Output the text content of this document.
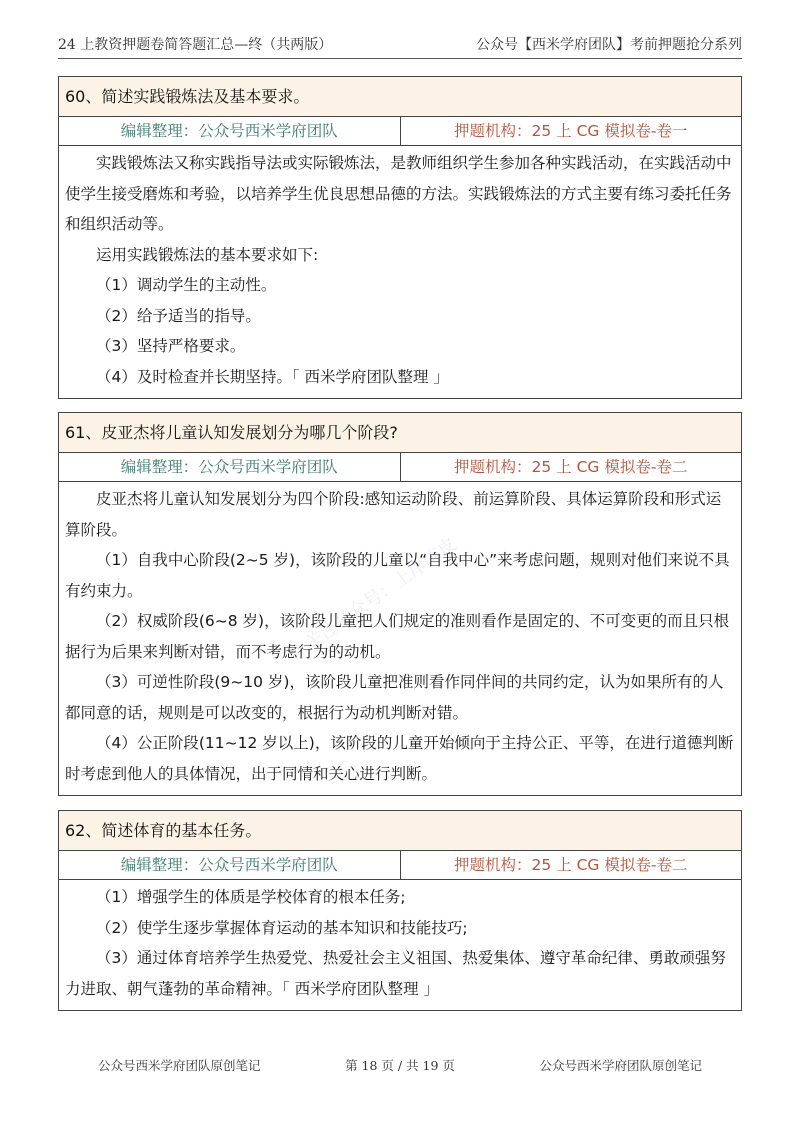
24 上教资押题卷简答题汇总—终（共两版）	公众号【西米学府团队】考前押题抢分系列
60、简述实践锻炼法及基本要求。
编辑整理：公众号西米学府团队	押题机构：25 上 CG 模拟卷-卷一

实践锻炼法又称实践指导法或实际锻炼法，是教师组织学生参加各种实践活动，在实践活动中使学生接受磨炼和考验，以培养学生优良思想品德的方法。实践锻炼法的方式主要有练习委托任务和组织活动等。

运用实践锻炼法的基本要求如下:

（1）调动学生的主动性。

（2）给予适当的指导。

（3）坚持严格要求。

（4）及时检查并长期坚持。「 西米学府团队整理 」

61、皮亚杰将儿童认知发展划分为哪几个阶段?
编辑整理：公众号西米学府团队	押题机构：25 上 CG 模拟卷-卷二

皮亚杰将儿童认知发展划分为四个阶段:感知运动阶段、前运算阶段、具体运算阶段和形式运算阶段。

（1）自我中心阶段(2~5 岁)，该阶段的儿童以“自我中心”来考虑问题，规则对他们来说不具有约束力。

（2）权威阶段(6~8 岁)，该阶段儿童把人们规定的准则看作是固定的、不可变更的而且只根据行为后果来判断对错，而不考虑行为的动机。

（3）可逆性阶段(9~10 岁)，该阶段儿童把准则看作同伴间的共同约定，认为如果所有的人都同意的话，规则是可以改变的，根据行为动机判断对错。

（4）公正阶段(11~12 岁以上)，该阶段的儿童开始倾向于主持公正、平等，在进行道德判断时考虑到他人的具体情况，出于同情和关心进行判断。

62、简述体育的基本任务。
编辑整理：公众号西米学府团队	押题机构：25 上 CG 模拟卷-卷二

（1）增强学生的体质是学校体育的根本任务;

（2）使学生逐步掌握体育运动的基本知识和技能技巧;

（3）通过体育培养学生热爱党、热爱社会主义祖国、热爱集体、遵守革命纪律、勇敢顽强努力进取、朝气蓬勃的革命精神。「 西米学府团队整理 」

关注公众号：上岸陈皮
公众号西米学府团队原创笔记	第 18 页 / 共 19 页	公众号西米学府团队原创笔记
